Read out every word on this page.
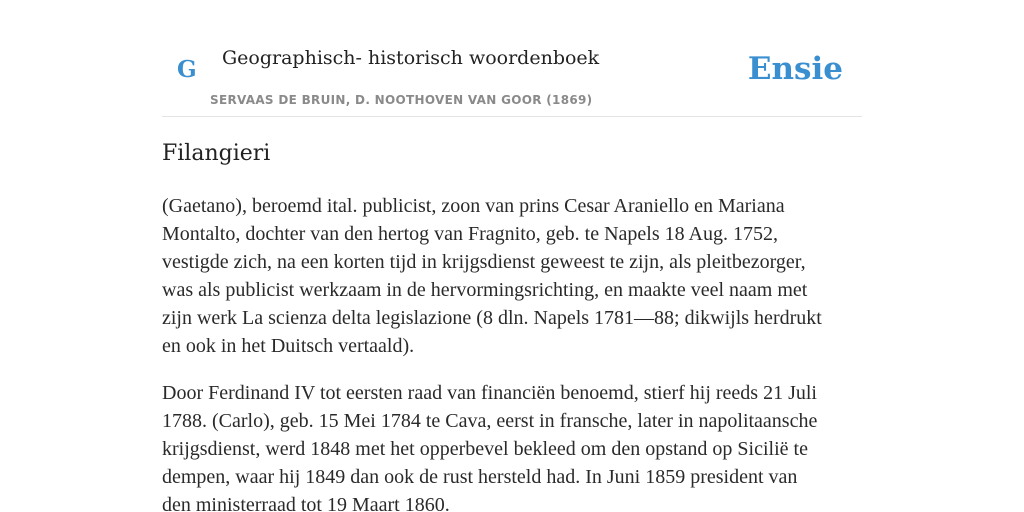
G Geographisch- historisch woordenboek
SERVAAS DE BRUIN, D. NOOTHOVEN VAN GOOR (1869)
Ensie
Filangieri

(Gaetano), beroemd ital. publicist, zoon van prins Cesar Araniello en Mariana
Montalto, dochter van den hertog van Fragnito, geb. te Napels 18 Aug. 1752,
vestigde zich, na een korten tijd in krijgsdienst geweest te zijn, als pleitbezorger,
was als publicist werkzaam in de hervormingsrichting, en maakte veel naam met
zijn werk La scienza delta legislazione (8 dln. Napels 1781—88; dikwijls herdrukt
en ook in het Duitsch vertaald).

Door Ferdinand IV tot eersten raad van financiën benoemd, stierf hij reeds 21 Juli
1788. (Carlo), geb. 15 Mei 1784 te Cava, eerst in fransche, later in napolitaansche
krijgsdienst, werd 1848 met het opperbevel bekleed om den opstand op Sicilië te
dempen, waar hij 1849 dan ook de rust hersteld had. In Juni 1859 president van
den ministerraad tot 19 Maart 1860.
